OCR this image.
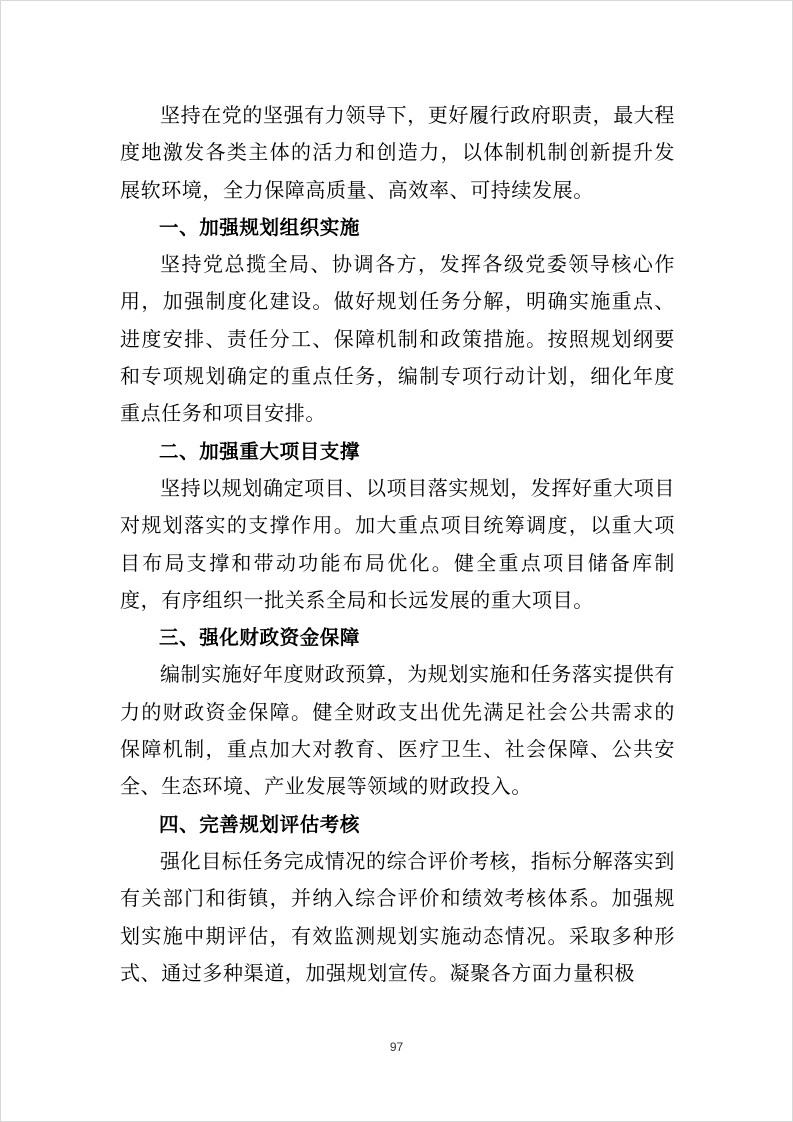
坚持在党的坚强有力领导下，更好履行政府职责，最大程度地激发各类主体的活力和创造力，以体制机制创新提升发展软环境，全力保障高质量、高效率、可持续发展。

一、加强规划组织实施

坚持党总揽全局、协调各方，发挥各级党委领导核心作用，加强制度化建设。做好规划任务分解，明确实施重点、进度安排、责任分工、保障机制和政策措施。按照规划纲要和专项规划确定的重点任务，编制专项行动计划，细化年度重点任务和项目安排。

二、加强重大项目支撑

坚持以规划确定项目、以项目落实规划，发挥好重大项目对规划落实的支撑作用。加大重点项目统筹调度，以重大项目布局支撑和带动功能布局优化。健全重点项目储备库制度，有序组织一批关系全局和长远发展的重大项目。

三、强化财政资金保障

编制实施好年度财政预算，为规划实施和任务落实提供有力的财政资金保障。健全财政支出优先满足社会公共需求的保障机制，重点加大对教育、医疗卫生、社会保障、公共安全、生态环境、产业发展等领域的财政投入。

四、完善规划评估考核

强化目标任务完成情况的综合评价考核，指标分解落实到有关部门和街镇，并纳入综合评价和绩效考核体系。加强规划实施中期评估，有效监测规划实施动态情况。采取多种形式、通过多种渠道，加强规划宣传。凝聚各方面力量积极

97
